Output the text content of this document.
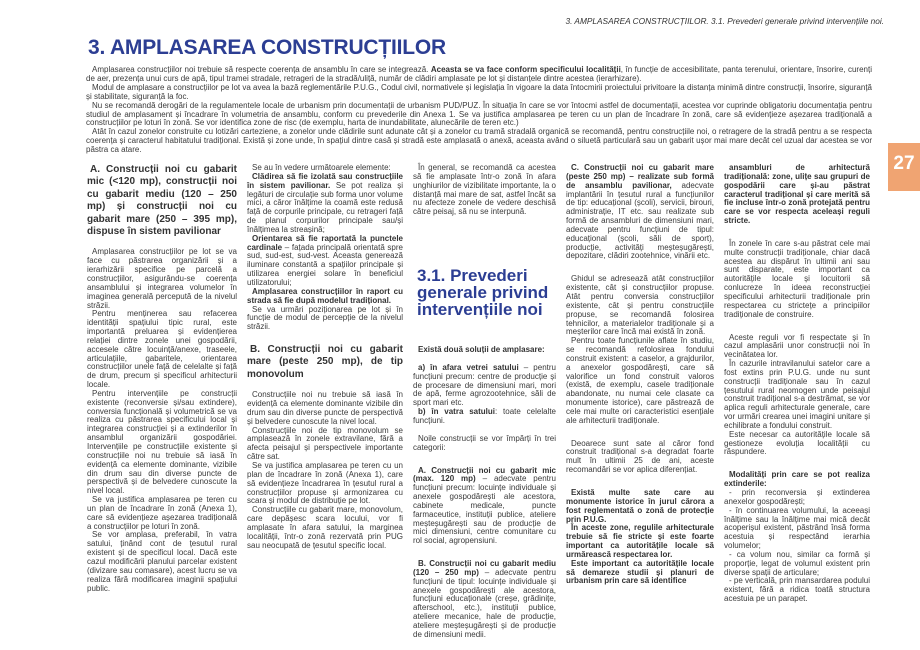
3. AMPLASAREA CONSTRUCȚIILOR. 3.1. Prevederi generale privind intervențiile noi.
3. AMPLASAREA CONSTRUCȚIILOR
27

Amplasarea construcțiilor noi trebuie să respecte coerența de ansamblu în care se integrează. Aceasta se va face conform specificului localității, în funcție de accesibilitate, panta terenului, orientare, însorire, curenți de aer, prezența unui curs de apă, tipul tramei stradale, retrageri de la stradă/uliță, număr de clădiri amplasate pe lot și distanțele dintre acestea (ierarhizare).

Modul de amplasare a construcțiilor pe lot va avea la bază reglementările P.U.G., Codul civil, normativele și legislația în vigoare la data întocmirii proiectului privitoare la distanța minimă dintre construcții, însorire, siguranță și stabilitate, siguranță la foc.

Nu se recomandă derogări de la regulamentele locale de urbanism prin documentații de urbanism PUD/PUZ. În situația în care se vor întocmi astfel de documentații, acestea vor cuprinde obligatoriu documentația pentru studiul de amplasament și încadrare în volumetria de ansamblu, conform cu prevederile din Anexa 1. Se va justifica amplasarea pe teren cu un plan de încadrare în zonă, care să evidențieze așezarea tradițională a construcțiilor pe loturi în zonă. Se vor identifica zone de risc (de exemplu, harta de inundabilitate, alunecările de teren etc.)

Atât în cazul zonelor construite cu lotizări carteziene, a zonelor unde clădirile sunt adunate cât și a zonelor cu tramă stradală organică se recomandă, pentru construcțiile noi, o retragere de la stradă pentru a se respecta coerența și caracterul habitatului tradițional. Există și zone unde, în spațiul dintre casă și stradă este amplasată o anexă, aceasta având o siluetă particulară sau un gabarit ușor mai mare decât cel uzual dar acestea se vor păstra ca atare.

A. Construcții noi cu gabarit mic (<120 mp), construcții noi cu gabarit mediu (120 – 250 mp) și construcții noi cu gabarit mare (250 – 395 mp), dispuse în sistem pavilionar

Amplasarea construcțiilor pe lot se va face cu păstrarea organizării și a ierarhizării specifice pe parcelă a construcțiilor, asigurându-se coerența ansamblului și integrarea volumelor în imaginea generală percepută de la nivelul străzii.

Pentru menținerea sau refacerea identității spațiului tipic rural, este importantă preluarea și evidențierea relației dintre zonele unei gospodării, accesele către locuință/anexe, traseele, articulațiile, gabaritele, orientarea construcțiilor unele față de celelalte și față de drum, precum și specificul arhitecturii locale.

Pentru intervențiile pe construcții existente (reconversie și/sau extindere), conversia funcțională și volumetrică se va realiza cu păstrarea specificului local și integrarea construcției și a extinderilor în ansamblul organizării gospodăriei. Intervențiile pe construcțiile existente și construcțiile noi nu trebuie să iasă în evidență ca elemente dominante, vizibile din drum sau din diverse puncte de perspectivă și de belvedere cunoscute la nivel local.

Se va justifica amplasarea pe teren cu un plan de încadrare în zonă (Anexa 1), care să evidențieze așezarea tradițională a construcțiilor pe loturi în zonă.

Se vor amplasa, preferabil, în vatra satului, ținând cont de țesutul rural existent și de specificul local. Dacă este cazul modificării planului parcelar existent (divizare sau comasare), acest lucru se va realiza fără modificarea imaginii spațiului public.

Se au în vedere următoarele elemente:

Clădirea să fie izolată sau construcțiile în sistem pavilionar. Se pot realiza și legături de circulație sub forma unor volume mici, a căror înălțime la coamă este redusă față de corpurile principale, cu retrageri față de planul corpurilor principale sau/și înălțimea la streașină;

Orientarea să fie raportată la punctele cardinale – fațada principală orientată spre sud, sud-est, sud-vest. Aceasta generează iluminare constantă a spațiilor principale și utilizarea energiei solare în beneficiul utilizatorului;

Amplasarea construcțiilor în raport cu strada să fie după modelul tradițional.

Se va urmări poziționarea pe lot și în funcție de modul de percepție de la nivelul străzii.

B. Construcții noi cu gabarit mare (peste 250 mp), de tip monovolum

Construcțiile noi nu trebuie să iasă în evidență ca elemente dominante vizibile din drum sau din diverse puncte de perspectivă și belvedere cunoscute la nivel local.

Construcțiile noi de tip monovolum se amplasează în zonele extravilane, fără a afecta peisajul și perspectivele importante către sat.

Se va justifica amplasarea pe teren cu un plan de încadrare în zonă (Anexa 1), care să evidențieze încadrarea în țesutul rural a construcțiilor propuse și armonizarea cu scara și modul de distribuție pe lot.

Construcțiile cu gabarit mare, monovolum, care depășesc scara locului, vor fi amplasate în afara satului, la marginea localității, într-o zonă rezervată prin PUG sau neocupată de țesutul specific local.

În general, se recomandă ca acestea să fie amplasate într-o zonă în afara unghiurilor de vizibilitate importante, la o distanță mai mare de sat, astfel încât sa nu afecteze zonele de vedere deschisă către peisaj, să nu se interpună.

3.1. Prevederi generale privind intervențiile noi

Există două soluții de amplasare:

a) în afara vetrei satului – pentru funcțiuni precum: centre de producție și de procesare de dimensiuni mari, mori de apă, ferme agrozootehnice, săli de sport mari etc.

b) în vatra satului: toate celelalte funcțiuni.

Noile construcții se vor împărți în trei categorii:

A. Construcții noi cu gabarit mic (max. 120 mp) – adecvate pentru funcțiuni precum: locuințe individuale și anexele gospodărești ale acestora, cabinete medicale, puncte farmaceutice, instituții publice, ateliere meșteșugărești sau de producție de mici dimensiuni, centre comunitare cu rol social, agropensiuni.

B. Construcții noi cu gabarit mediu (120 – 250 mp) – adecvate pentru funcțiuni de tipul: locuințe individuale și anexele gospodărești ale acestora, funcțiuni educaționale (creșe, grădinițe, afterschool, etc.), instituții publice, ateliere mecanice, hale de producție, ateliere meșteșugărești și de producție de dimensiuni medii.

C. Construcții noi cu gabarit mare (peste 250 mp) – realizate sub formă de ansamblu pavilionar, adecvate implantării în țesutul rural a funcțiunilor de tip: educațional (școli), servicii, birouri, administrație, IT etc. sau realizate sub formă de ansambluri de dimensiuni mari, adecvate pentru funcțiuni de tipul: educațional (școli, săli de sport), producție, activități meșteșugărești, depozitare, clădiri zootehnice, vinării etc.

Ghidul se adresează atât construcțiilor existente, cât și construcțiilor propuse. Atât pentru conversia construcțiilor existente, cât și pentru construcțiile propuse, se recomandă folosirea tehnicilor, a materialelor tradiționale și a meșterilor care încă mai există în zonă.

Pentru toate funcțiunile aflate în studiu, se recomandă refolosirea fondului construit existent: a caselor, a grajdurilor, a anexelor gospodărești, care să valorifice un fond construit valoros (există, de exemplu, casele tradiționale abandonate, nu numai cele clasate ca monumente istorice), care păstrează de cele mai multe ori caracteristici esențiale ale arhitecturii tradiționale.

Deoarece sunt sate al căror fond construit tradițional s-a degradat foarte mult în ultimii 25 de ani, aceste recomandări se vor aplica diferențiat.

Există multe sate care au monumente istorice în jurul cărora a fost reglementată o zonă de protecție prin P.U.G.

În aceste zone, regulile arhitecturale trebuie să fie stricte și este foarte important ca autoritățile locale să urmărească respectarea lor.

Este important ca autoritățile locale să demareze studii și planuri de urbanism prin care să identifice

ansambluri de arhitectură tradițională: zone, ulițe sau grupuri de gospodării care și-au păstrat caracterul tradițional și care merită să fie incluse într-o zonă protejată pentru care se vor respecta aceleași reguli stricte.

În zonele în care s-au păstrat cele mai multe construcții tradiționale, chiar dacă acestea au dispărut în ultimii ani sau sunt disparate, este important ca autoritățile locale și locuitorii să conlucreze în ideea reconstrucției specificului arhitecturii tradiționale prin respectarea cu strictețe a principiilor tradiționale de construire.

Aceste reguli vor fi respectate și în cazul amplasării unor construcții noi în vecinătatea lor.

În cazurile intravilanului satelor care a fost extins prin P.U.G. unde nu sunt construcții tradiționale sau în cazul țesutului rural neomogen unde peisajul construit tradițional s-a destrămat, se vor aplica reguli arhitecturale generale, care vor urmări crearea unei imagini unitare și echilibrate a fondului construit.

Este necesar ca autoritățile locale să gestioneze evoluția localității cu răspundere.

Modalități prin care se pot realiza extinderile:

- prin reconversia și extinderea anexelor gospodărești;

- în continuarea volumului, la aceeași înălțime sau la înălțime mai mică decât acoperișul existent, păstrând însă forma acestuia și respectând ierarhia volumelor;

- ca volum nou, similar ca formă și proporție, legat de volumul existent prin diverse spații de articulare;

- pe verticală, prin mansardarea podului existent, fără a ridica toată structura acestuia pe un parapet.
